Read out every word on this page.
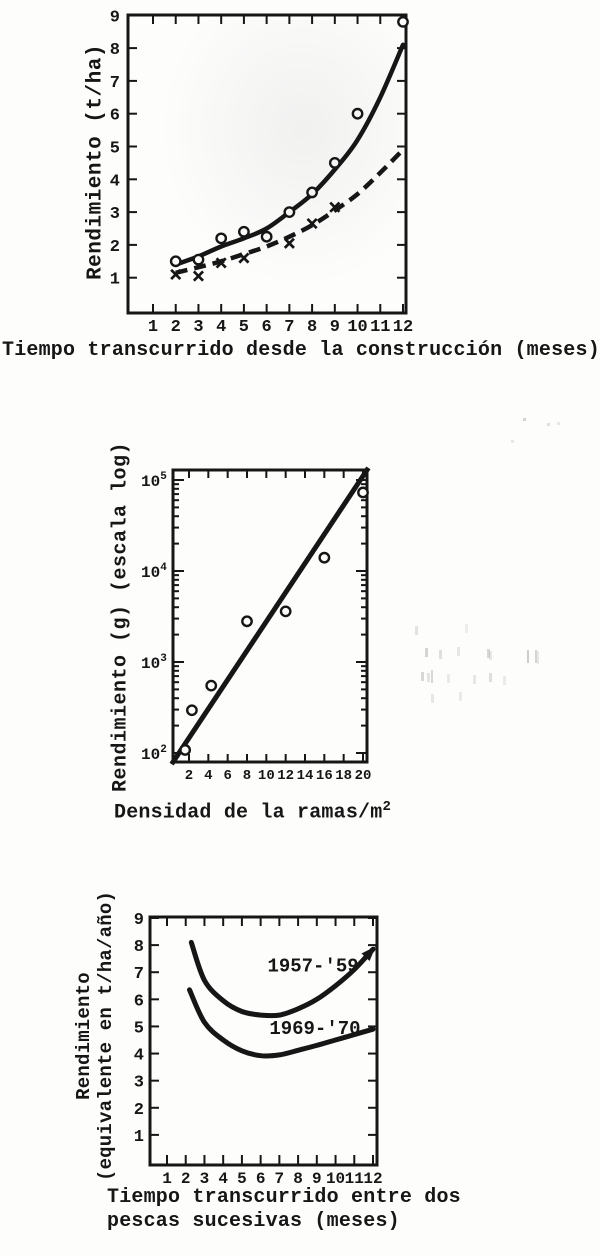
Rendimiento (t/ha)
1 2 3 4 5 6 7 8 9 10 11 12
1
2
3
4
5
6
7
8
9
Tiempo transcurrido desde la construcción (meses)
Rendimiento (g) (escala log)	2 4 6 8 10 12 14 16 18 20
$10^2$
$10^3$
$10^4$
$10^5$
Densidad de la ramas/$m^2$
Rendimiento (equivalente en t/ha/año)	1 2 3 4 5 6 7 8 9 10 11 12
1
2
3
4
5
6
7
8
9
1957-'59
1969-'70
Tiempo transcurrido entre dos
pescas sucesivas (meses)
